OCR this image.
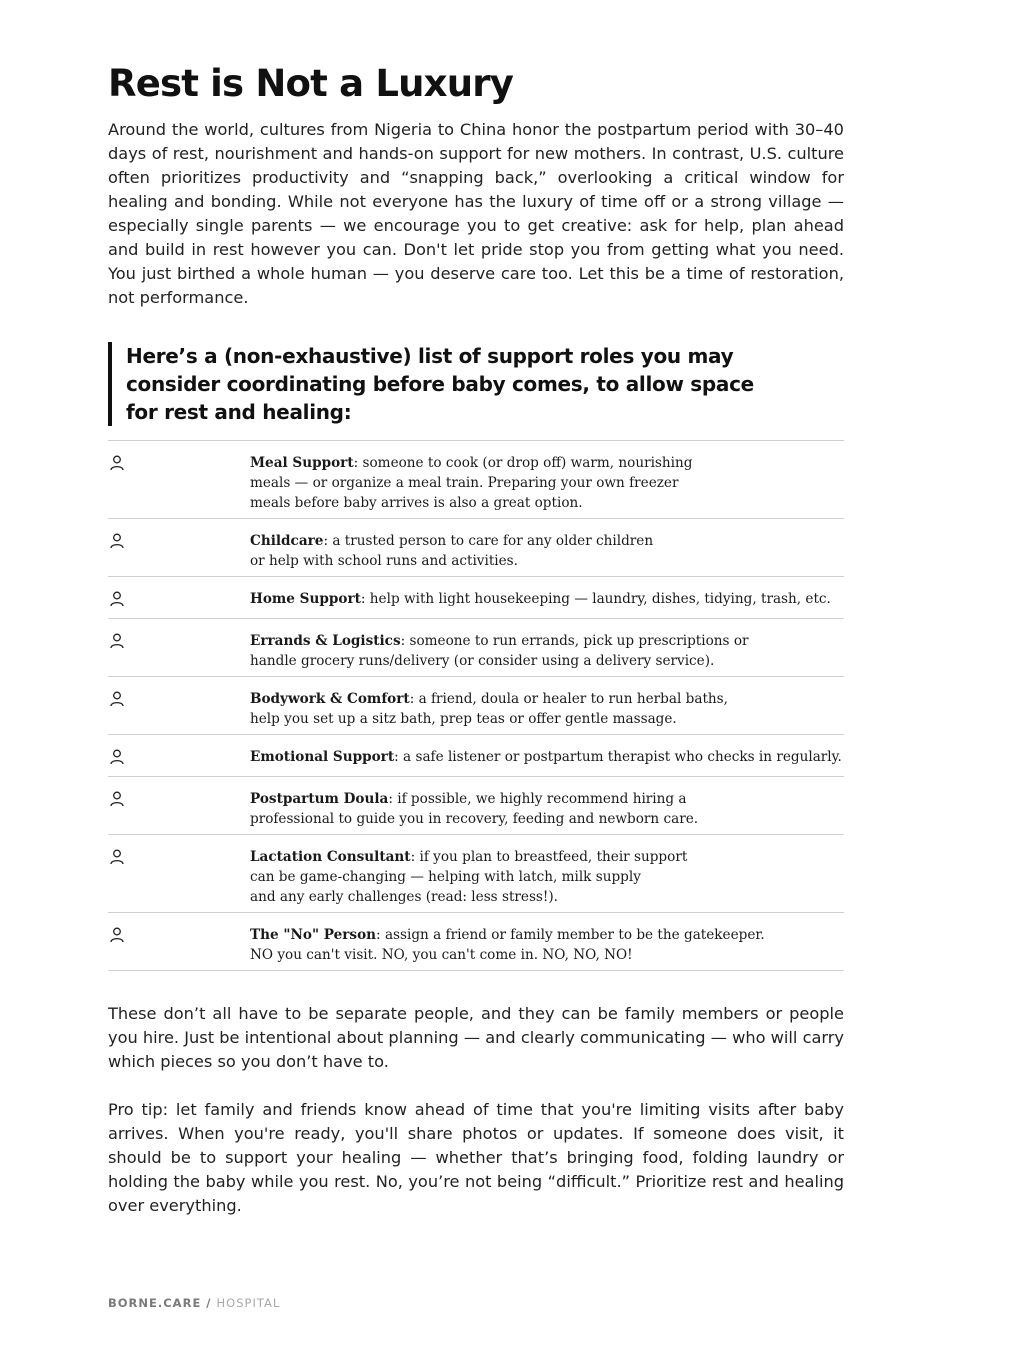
Rest is Not a Luxury

Around the world, cultures from Nigeria to China honor the postpartum period with 30–40 days of rest, nourishment and hands-on support for new mothers. In contrast, U.S. culture often prioritizes productivity and “snapping back,” overlooking a critical window for healing and bonding. While not everyone has the luxury of time off or a strong village — especially single parents — we encourage you to get creative: ask for help, plan ahead and build in rest however you can. Don't let pride stop you from getting what you need. You just birthed a whole human — you deserve care too. Let this be a time of restoration, not performance.

Here’s a (non-exhaustive) list of support roles you may consider coordinating before baby comes, to allow space for rest and healing:
Meal Support: someone to cook (or drop off) warm, nourishing
meals — or organize a meal train. Preparing your own freezer
meals before baby arrives is also a great option.
Childcare: a trusted person to care for any older children
or help with school runs and activities.
Home Support: help with light housekeeping — laundry, dishes, tidying, trash, etc.
Errands & Logistics: someone to run errands, pick up prescriptions or
handle grocery runs/delivery (or consider using a delivery service).
Bodywork & Comfort: a friend, doula or healer to run herbal baths,
help you set up a sitz bath, prep teas or offer gentle massage.
Emotional Support: a safe listener or postpartum therapist who checks in regularly.
Postpartum Doula: if possible, we highly recommend hiring a
professional to guide you in recovery, feeding and newborn care.
Lactation Consultant: if you plan to breastfeed, their support
can be game-changing — helping with latch, milk supply
and any early challenges (read: less stress!).
The "No" Person: assign a friend or family member to be the gatekeeper.
NO you can't visit. NO, you can't come in. NO, NO, NO!

These don’t all have to be separate people, and they can be family members or people you hire. Just be intentional about planning — and clearly communicating — who will carry which pieces so you don’t have to.

Pro tip: let family and friends know ahead of time that you're limiting visits after baby arrives. When you're ready, you'll share photos or updates. If someone does visit, it should be to support your healing — whether that’s bringing food, folding laundry or holding the baby while you rest. No, you’re not being “difficult.” Prioritize rest and healing over everything.

BORNE.CARE / HOSPITAL
